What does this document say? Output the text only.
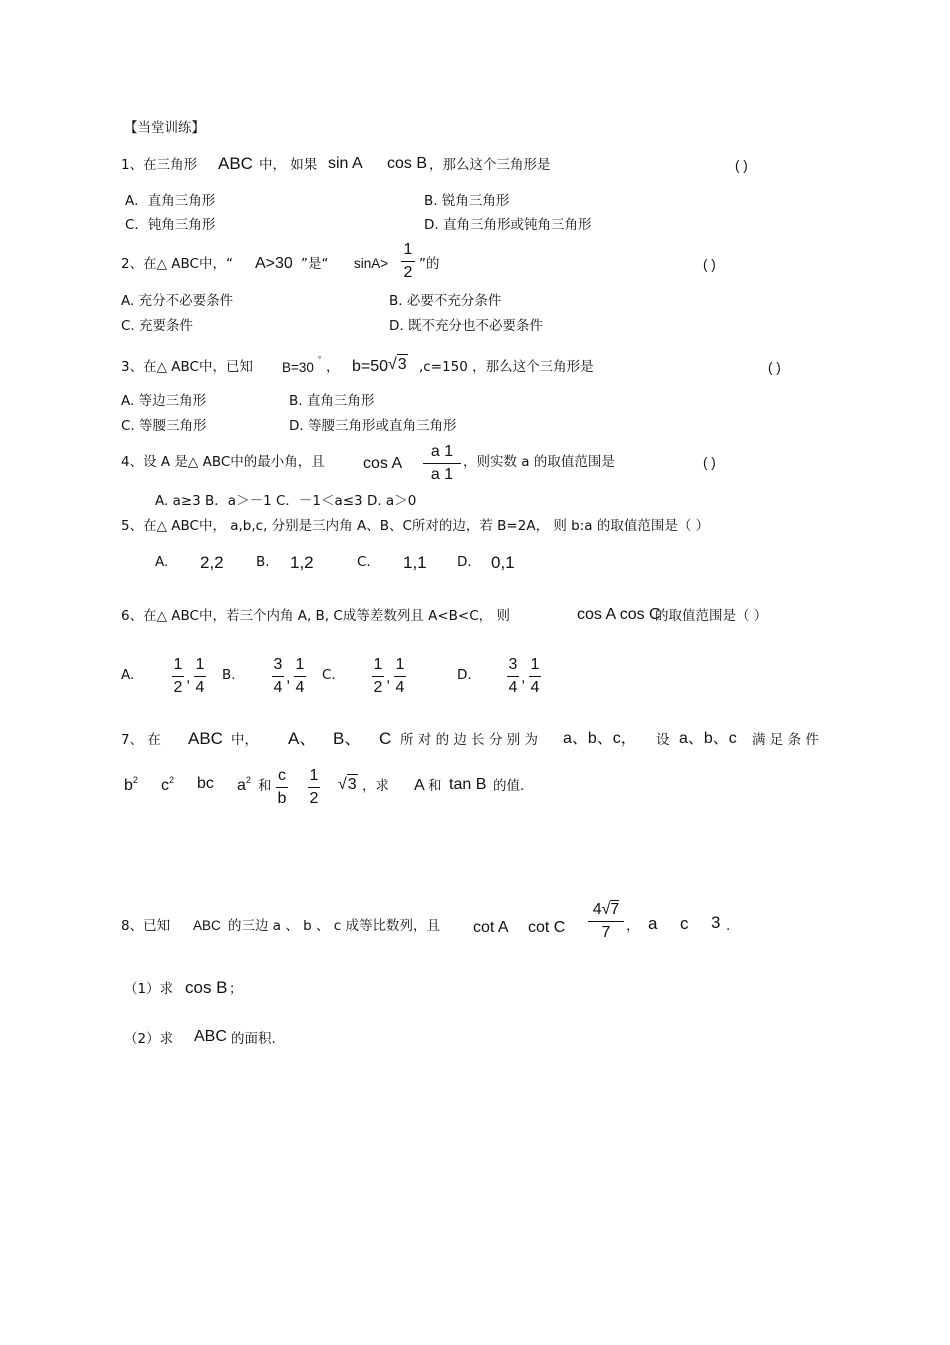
【当堂训练】
1、在三角形 ABC 中， 如果 sin A cos B ，那么这个三角形是	( )
A．直角三角形	B. 锐角三角形
C．钝角三角形	D. 直角三角形或钝角三角形
2、在△ ABC中，“ A>30 ”是“ sinA>
1
2 ”的	( )
A. 充分不必要条件	B. 必要不充分条件
C. 充要条件	D. 既不充分也不必要条件
3、在△ ABC中，已知 B=30
° ， b=50 √3 ,c=150 ，那么这个三角形是	( )
A. 等边三角形	B. 直角三角形
C. 等腰三角形	D. 等腰三角形或直角三角形
4、设 A 是△ ABC中的最小角，且 cos A
a 1
a 1
，则实数 a 的取值范围是	( )
A. a≥3 B．a＞－1 C．－1＜a≤3 D. a＞0
5、在△ ABC中， a,b,c, 分别是三内角 A、B、C所对的边，若 B=2A， 则 b:a 的取值范围是（ ）
A. 2,2 B. 1,2	C. 1,1 D. 0,1
6、在△ ABC中，若三个内角 A, B, C成等差数列且 A<B<C， 则	cos A cos C
的取值范围是（ ）
A.
1
2
,
1
4
B.
3
4
,
1
4
C.
1
2
,
1
4
D.
3
4
,
1
4
7、 在 ABC 中， A、 B、 C 所 对 的 边 长 分 别 为 a、b、c， 设 a、b、c 满 足 条 件
$b^2$ $c^2$ bc $a^2$ 和
c
b
1
2
√3 ，求 A 和 tan B 的值.
8、已知 ABC 的三边 a 、 b 、 c 成等比数列，且 cot A cot C
4√7
7 ， a c 3 .
（1）求 cos B ；
（2）求 ABC 的面积.
